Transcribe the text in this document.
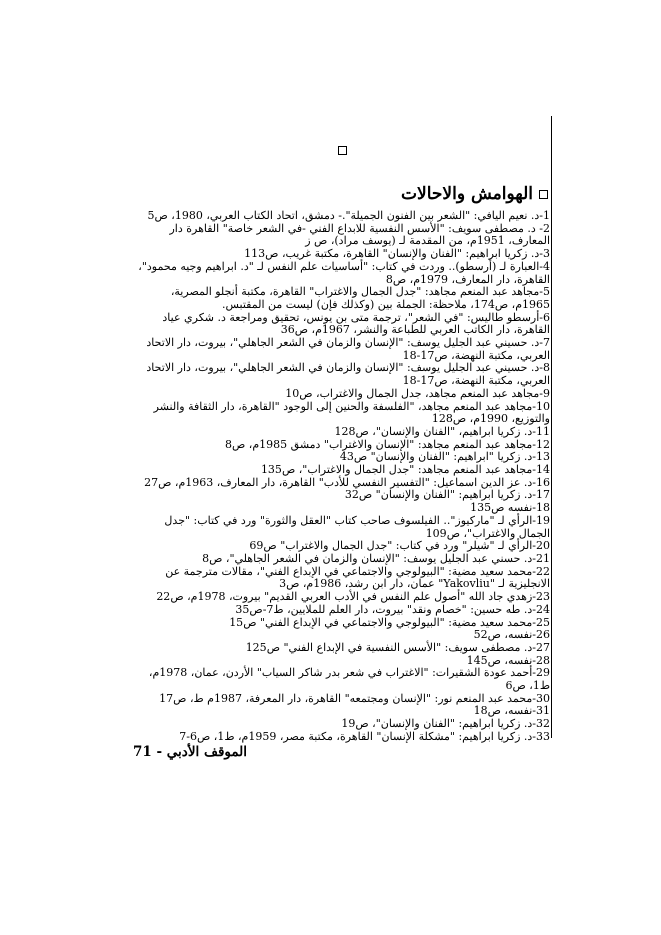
الهوامش والاحالات

1-د. نعيم اليافي: "الشعر بين الفنون الجميلة".- دمشق، اتحاد الكتاب العربي، 1980، ص5

2- د. مصطفى سويف: "الأسس النفسية للابداع الفني -في الشعر خاصة" القاهرة دار المعارف، 1951م، من المقدمة لـ (يوسف مراد)، ص ز

3-د. زكريا ابراهيم: "الفنان والإنسان" القاهرة، مكتبة غريب، ص113

4-العبارة لـ (أرسطو).. وردت في كتاب: "أساسيات علم النفس لـ "د. ابراهيم وجيه محمود"، القاهرة، دار المعارف، 1979م، ص8

5-مجاهد عبد المنعم مجاهد: "جدل الجمال والاغتراب" القاهرة، مكتبة أنجلو المصرية، 1965م، ص174، ملاحظة: الجملة بين (وكذلك فإن) ليست من المقتبس.

6-أرسطو طاليس: "في الشعر"، ترجمة متى بن يونس، تحقيق ومراجعة د. شكري عياد القاهرة، دار الكاتب العربي للطباعة والنشر، 1967م، ص36

7-د. حسيني عبد الجليل يوسف: "الإنسان والزمان في الشعر الجاهلي"، بيروت، دار الاتحاد العربي، مكتبة النهضة، ص17-18

8-د. حسيني عبد الجليل يوسف: "الإنسان والزمان في الشعر الجاهلي"، بيروت، دار الاتحاد العربي، مكتبة النهضة، ص17-18

9-مجاهد عبد المنعم مجاهد، جدل الجمال والاغتراب، ص10

10-مجاهد عبد المنعم مجاهد، "الفلسفة والحنين إلى الوجود "القاهرة، دار الثقافة والنشر والتوزيع، 1990م، ص128

11-د. زكريا ابراهيم، "الفنان والإنسان"، ص128

12-مجاهد عبد المنعم مجاهد: "الإنسان والاغتراب" دمشق 1985م، ص8

13-د. زكريا "ابراهيم: "الفنان والإنسان" ص43

14-مجاهد عبد المنعم مجاهد: "جدل الجمال والاغتراب"، ص135

16-د. عز الدين اسماعيل: "التفسير النفسي للأدب" القاهرة، دار المعارف، 1963م، ص27

17-د. زكريا ابراهيم: "الفنان والإنسان" ص32

18-نفسه ص135

19-الرأي لـ "ماركيوز".. الفيلسوف صاحب كتاب "العقل والثورة" ورد في كتاب: "جدل الجمال والاغتراب"، ص109

20-الرأي لـ "شيلر" ورد في كتاب: "جدل الجمال والاغتراب" ص69

21-د. حسني عبد الجليل يوسف: "الإنسان والزمان في الشعر الجاهلي"، ص8

22-محمد سعيد مضية: "البيولوجي والاجتماعي في الإبداع الفني"، مقالات مترجمة عن الانجليزية لـ "Yakovliu" عمان، دار ابن رشد، 1986م، ص3

23-زهدي جاد الله "أصول علم النفس في الأدب العربي القديم" بيروت، 1978م، ص22

24-د. طه حسين: "خصام ونقد" بيروت، دار العلم للملايين، ط7-ص35

25-محمد سعيد مضية: "البيولوجي والاجتماعي في الإبداع الفني" ص15

26-نفسه، ص52

27-د. مصطفى سويف: "الأسس النفسية في الإبداع الفني" ص125

28-نفسه، ص145

29-أحمد عودة الشقيرات: "الاغتراب في شعر بدر شاكر السياب" الأردن، عمان، 1978م، ط1، ص6

30-محمد عبد المنعم نور: "الإنسان ومجتمعه" القاهرة، دار المعرفة، 1987م ط، ص17

31-نفسه، ص18

32-د. زكريا ابراهيم: "الفنان والإنسان"، ص19

33-د. زكريا ابراهيم: "مشكلة الإنسان" القاهرة، مكتبة مصر، 1959م، ط1، ص6-7

الموقف الأدبي - 71
